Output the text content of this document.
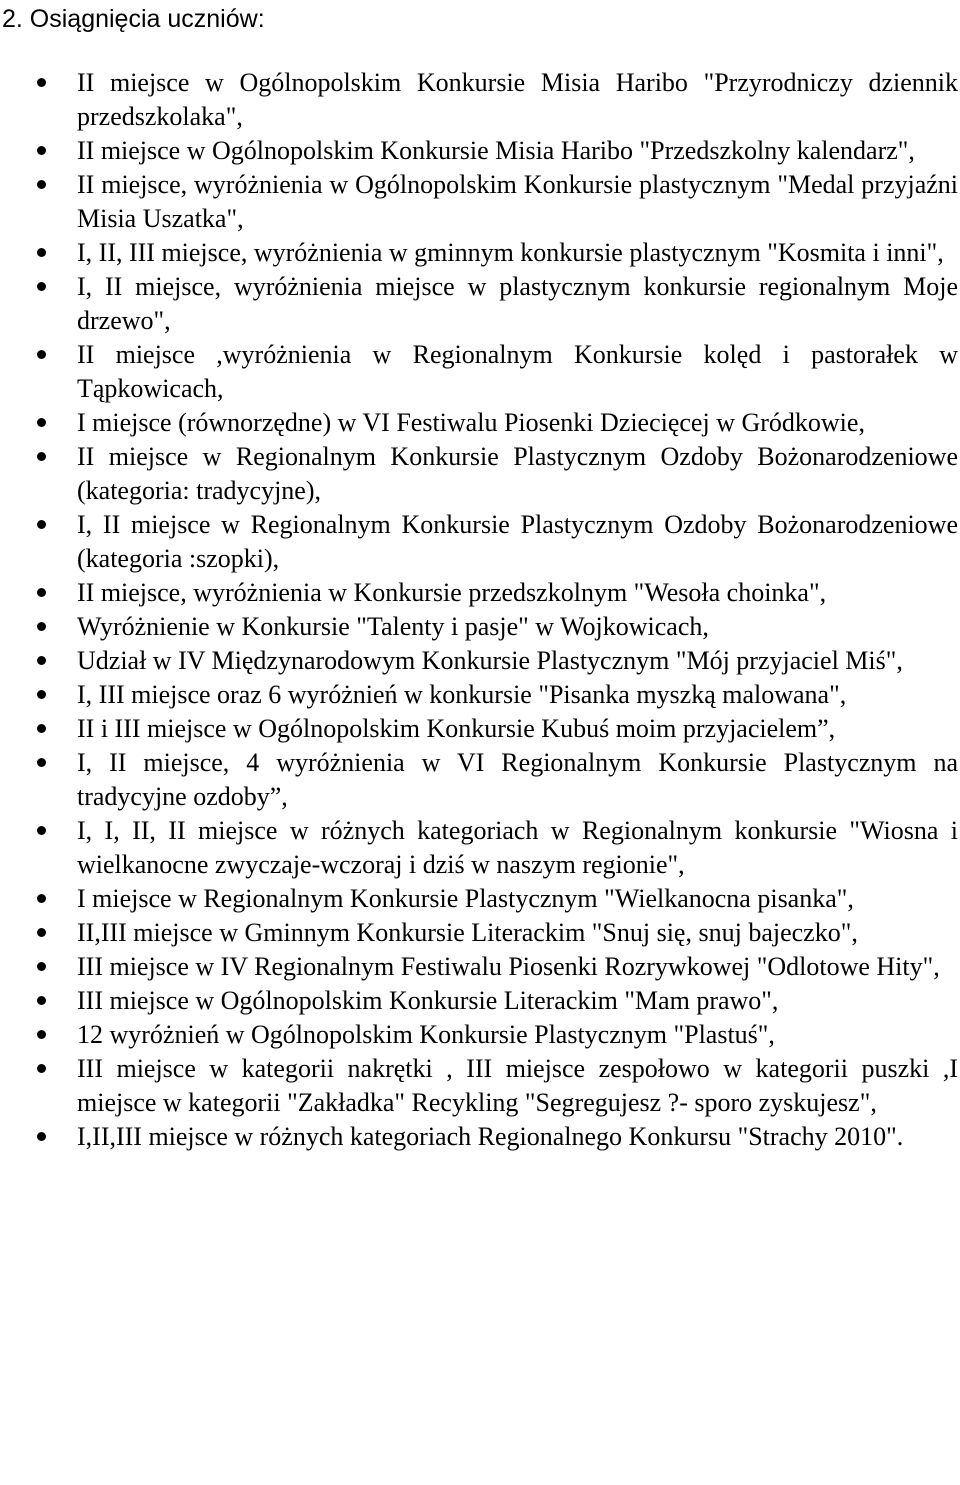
2. Osiągnięcia uczniów:
II miejsce w Ogólnopolskim Konkursie Misia Haribo "Przyrodniczy dziennik przedszkolaka",
II miejsce w Ogólnopolskim Konkursie Misia Haribo "Przedszkolny kalendarz",
II miejsce, wyróżnienia w Ogólnopolskim Konkursie plastycznym "Medal przyjaźni Misia Uszatka",
I, II, III miejsce, wyróżnienia w gminnym konkursie plastycznym "Kosmita i inni",
I, II miejsce, wyróżnienia miejsce w plastycznym konkursie regionalnym Moje drzewo",
II miejsce ,wyróżnienia w Regionalnym Konkursie kolęd i pastorałek w Tąpkowicach,
I miejsce (równorzędne) w VI Festiwalu Piosenki Dziecięcej w Gródkowie,
II miejsce w Regionalnym Konkursie Plastycznym Ozdoby Bożonarodzeniowe (kategoria: tradycyjne),
I, II miejsce w Regionalnym Konkursie Plastycznym Ozdoby Bożonarodzeniowe (kategoria :szopki),
II miejsce, wyróżnienia w Konkursie przedszkolnym "Wesoła choinka",
Wyróżnienie w Konkursie "Talenty i pasje" w Wojkowicach,
Udział w IV Międzynarodowym Konkursie Plastycznym "Mój przyjaciel Miś",
I, III miejsce oraz 6 wyróżnień w konkursie "Pisanka myszką malowana",
II i III miejsce w Ogólnopolskim Konkursie Kubuś moim przyjacielem”,
I, II miejsce, 4 wyróżnienia w VI Regionalnym Konkursie Plastycznym na tradycyjne ozdoby”,
I, I, II, II miejsce w różnych kategoriach w Regionalnym konkursie "Wiosna i wielkanocne zwyczaje-wczoraj i dziś w naszym regionie",
I miejsce w Regionalnym Konkursie Plastycznym "Wielkanocna pisanka",
II,III miejsce w Gminnym Konkursie Literackim "Snuj się, snuj bajeczko",
III miejsce w IV Regionalnym Festiwalu Piosenki Rozrywkowej "Odlotowe Hity",
III miejsce w Ogólnopolskim Konkursie Literackim "Mam prawo",
12 wyróżnień w Ogólnopolskim Konkursie Plastycznym "Plastuś",
III miejsce w kategorii nakrętki , III miejsce zespołowo w kategorii puszki ,I miejsce w kategorii "Zakładka" Recykling "Segregujesz ?- sporo zyskujesz",
I,II,III miejsce w różnych kategoriach Regionalnego Konkursu "Strachy 2010".
